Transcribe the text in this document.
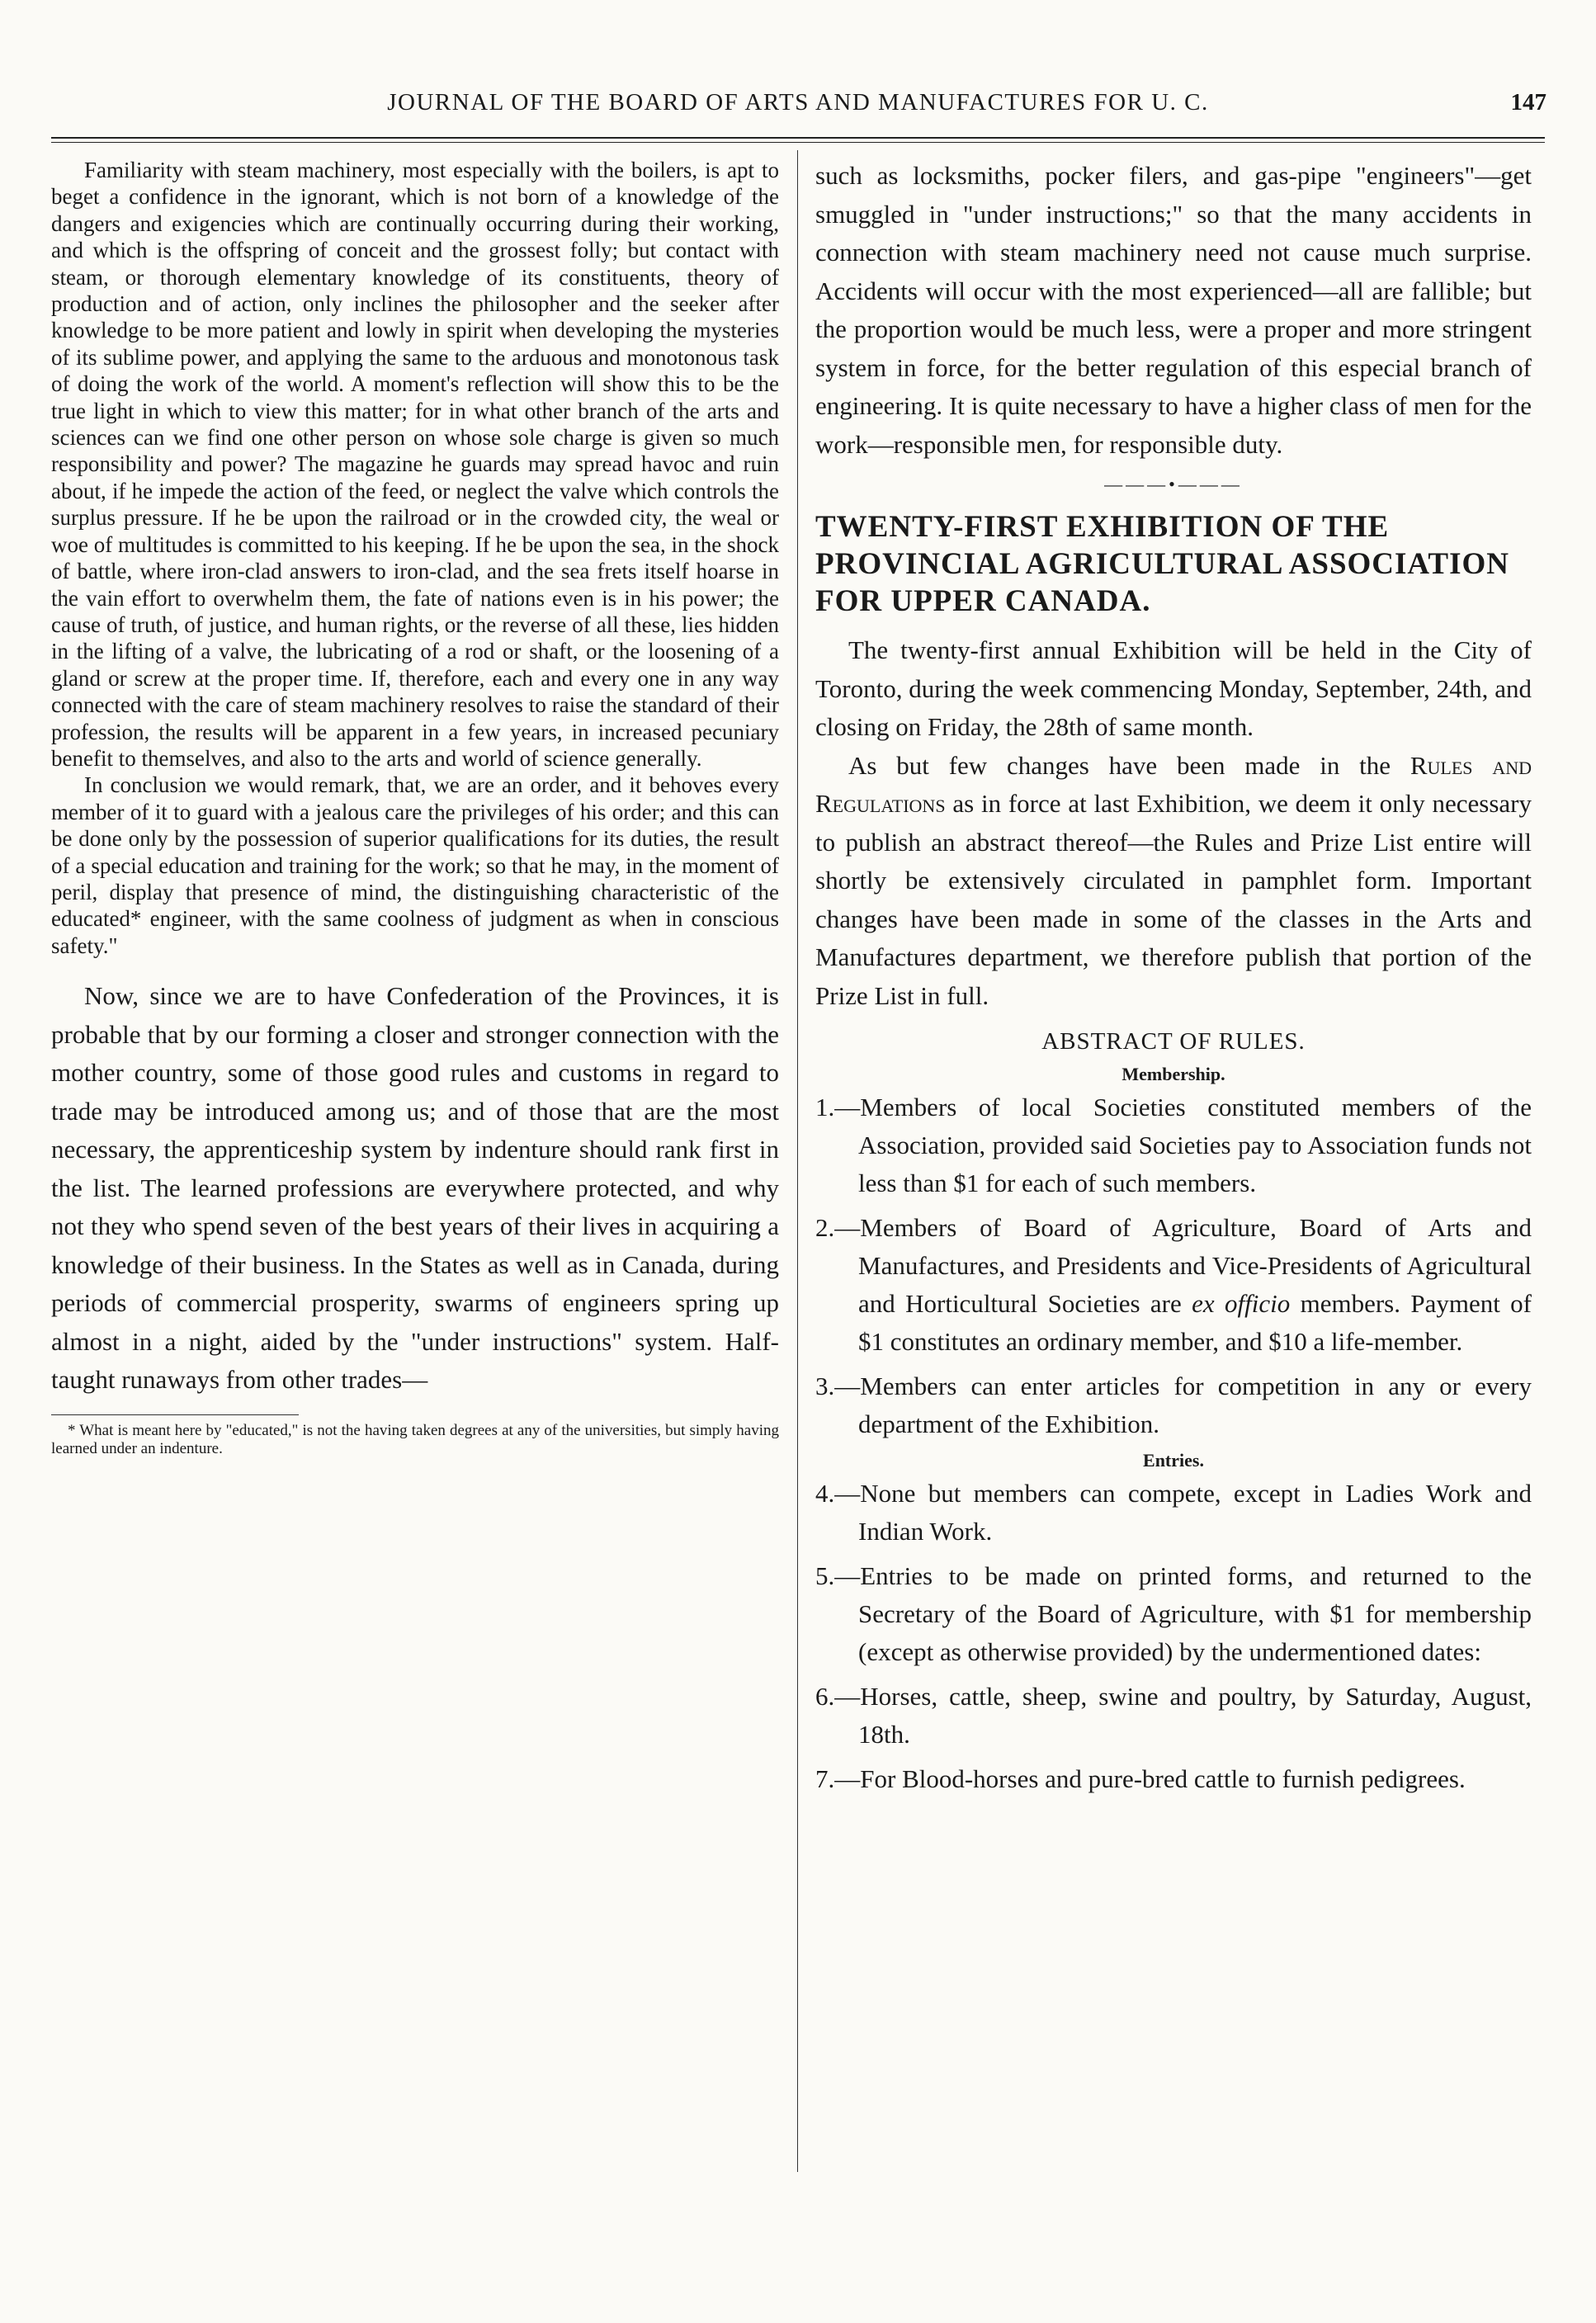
JOURNAL OF THE BOARD OF ARTS AND MANUFACTURES FOR U. C.	147

Familiarity with steam machinery, most especially with the boilers, is apt to beget a confidence in the ignorant, which is not born of a knowledge of the dangers and exigencies which are continually occurring during their working, and which is the offspring of conceit and the grossest folly; but contact with steam, or thorough elementary knowledge of its constituents, theory of production and of action, only inclines the philosopher and the seeker after knowledge to be more patient and lowly in spirit when developing the mysteries of its sublime power, and applying the same to the arduous and monotonous task of doing the work of the world. A moment's reflection will show this to be the true light in which to view this matter; for in what other branch of the arts and sciences can we find one other person on whose sole charge is given so much responsibility and power? The magazine he guards may spread havoc and ruin about, if he impede the action of the feed, or neglect the valve which controls the surplus pressure. If he be upon the railroad or in the crowded city, the weal or woe of multitudes is committed to his keeping. If he be upon the sea, in the shock of battle, where iron-clad answers to iron-clad, and the sea frets itself hoarse in the vain effort to overwhelm them, the fate of nations even is in his power; the cause of truth, of justice, and human rights, or the reverse of all these, lies hidden in the lifting of a valve, the lubricating of a rod or shaft, or the loosening of a gland or screw at the proper time. If, therefore, each and every one in any way connected with the care of steam machinery resolves to raise the standard of their profession, the results will be apparent in a few years, in increased pecuniary benefit to themselves, and also to the arts and world of science generally.

In conclusion we would remark, that, we are an order, and it behoves every member of it to guard with a jealous care the privileges of his order; and this can be done only by the possession of superior qualifications for its duties, the result of a special education and training for the work; so that he may, in the moment of peril, display that presence of mind, the distinguishing characteristic of the educated* engineer, with the same coolness of judgment as when in conscious safety."

Now, since we are to have Confederation of the Provinces, it is probable that by our forming a closer and stronger connection with the mother country, some of those good rules and customs in regard to trade may be introduced among us; and of those that are the most necessary, the apprenticeship system by indenture should rank first in the list. The learned professions are everywhere protected, and why not they who spend seven of the best years of their lives in acquiring a knowledge of their business. In the States as well as in Canada, during periods of commercial prosperity, swarms of engineers spring up almost in a night, aided by the "under instructions" system. Half-taught runaways from other trades—

* What is meant here by "educated," is not the having taken degrees at any of the universities, but simply having learned under an indenture.

such as locksmiths, pocker filers, and gas-pipe "engineers"—get smuggled in "under instructions;" so that the many accidents in connection with steam machinery need not cause much surprise. Accidents will occur with the most experienced—all are fallible; but the proportion would be much less, were a proper and more stringent system in force, for the better regulation of this especial branch of engineering. It is quite necessary to have a higher class of men for the work—responsible men, for responsible duty.

———•———
TWENTY-FIRST EXHIBITION OF THE PROVINCIAL AGRICULTURAL ASSOCIATION FOR UPPER CANADA.

The twenty-first annual Exhibition will be held in the City of Toronto, during the week commencing Monday, September, 24th, and closing on Friday, the 28th of same month.

As but few changes have been made in the Rules and Regulations as in force at last Exhibition, we deem it only necessary to publish an abstract thereof—the Rules and Prize List entire will shortly be extensively circulated in pamphlet form. Important changes have been made in some of the classes in the Arts and Manufactures department, we therefore publish that portion of the Prize List in full.

ABSTRACT OF RULES.
Membership.

1.—Members of local Societies constituted members of the Association, provided said Societies pay to Association funds not less than $1 for each of such members.

2.—Members of Board of Agriculture, Board of Arts and Manufactures, and Presidents and Vice-Presidents of Agricultural and Horticultural Societies are ex officio members. Payment of $1 constitutes an ordinary member, and $10 a life-member.

3.—Members can enter articles for competition in any or every department of the Exhibition.

Entries.

4.—None but members can compete, except in Ladies Work and Indian Work.

5.—Entries to be made on printed forms, and returned to the Secretary of the Board of Agriculture, with $1 for membership (except as otherwise provided) by the undermentioned dates:

6.—Horses, cattle, sheep, swine and poultry, by Saturday, August, 18th.

7.—For Blood-horses and pure-bred cattle to furnish pedigrees.
